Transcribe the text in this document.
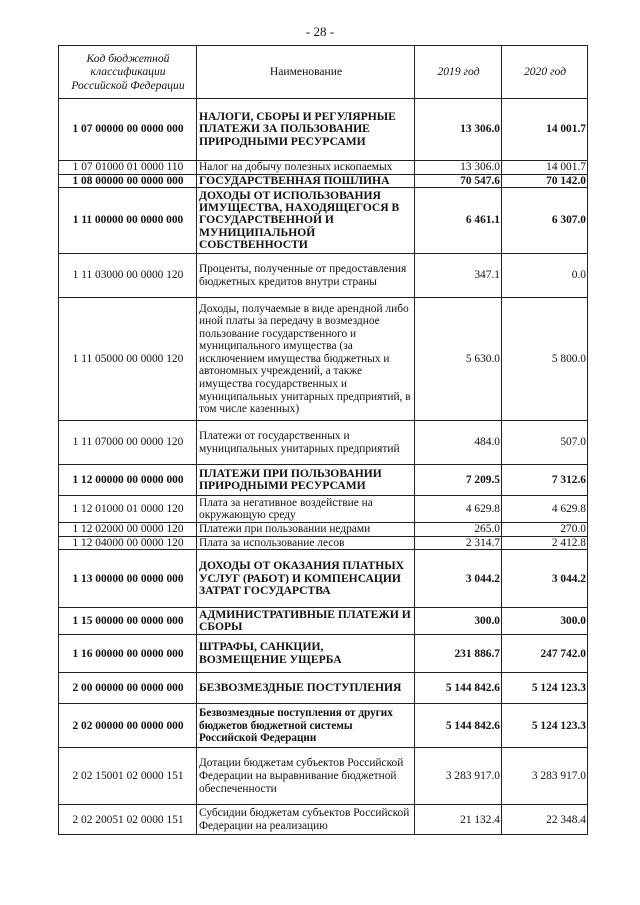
- 28 -
Код бюджетной классификации Российской Федерации	Наименование	2019 год	2020 год
1 07 00000 00 0000 000	НАЛОГИ, СБОРЫ И РЕГУЛЯРНЫЕ ПЛАТЕЖИ ЗА ПОЛЬЗОВАНИЕ ПРИРОДНЫМИ РЕСУРСАМИ	13 306.0	14 001.7
1 07 01000 01 0000 110	Налог на добычу полезных ископаемых	13 306.0	14 001.7
1 08 00000 00 0000 000	ГОСУДАРСТВЕННАЯ ПОШЛИНА	70 547.6	70 142.0
1 11 00000 00 0000 000	ДОХОДЫ ОТ ИСПОЛЬЗОВАНИЯ ИМУЩЕСТВА, НАХОДЯЩЕГОСЯ В ГОСУДАРСТВЕННОЙ И МУНИЦИПАЛЬНОЙ СОБСТВЕННОСТИ	6 461.1	6 307.0
1 11 03000 00 0000 120	Проценты, полученные от предоставления бюджетных кредитов внутри страны	347.1	0.0
1 11 05000 00 0000 120	Доходы, получаемые в виде арендной либо иной платы за передачу в возмездное пользование государственного и муниципального имущества (за исключением имущества бюджетных и автономных учреждений, а также имущества государственных и муниципальных унитарных предприятий, в том числе казенных)	5 630.0	5 800.0
1 11 07000 00 0000 120	Платежи от государственных и муниципальных унитарных предприятий	484.0	507.0
1 12 00000 00 0000 000	ПЛАТЕЖИ ПРИ ПОЛЬЗОВАНИИ ПРИРОДНЫМИ РЕСУРСАМИ	7 209.5	7 312.6
1 12 01000 01 0000 120	Плата за негативное воздействие на окружающую среду	4 629.8	4 629.8
1 12 02000 00 0000 120	Платежи при пользовании недрами	265.0	270.0
1 12 04000 00 0000 120	Плата за использование лесов	2 314.7	2 412.8
1 13 00000 00 0000 000	ДОХОДЫ ОТ ОКАЗАНИЯ ПЛАТНЫХ УСЛУГ (РАБОТ) И КОМПЕНСАЦИИ ЗАТРАТ ГОСУДАРСТВА	3 044.2	3 044.2
1 15 00000 00 0000 000	АДМИНИСТРАТИВНЫЕ ПЛАТЕЖИ И СБОРЫ	300.0	300.0
1 16 00000 00 0000 000	ШТРАФЫ, САНКЦИИ, ВОЗМЕЩЕНИЕ УЩЕРБА	231 886.7	247 742.0
2 00 00000 00 0000 000	БЕЗВОЗМЕЗДНЫЕ ПОСТУПЛЕНИЯ	5 144 842.6	5 124 123.3
2 02 00000 00 0000 000	Безвозмездные поступления от других бюджетов бюджетной системы Российской Федерации	5 144 842.6	5 124 123.3
2 02 15001 02 0000 151	Дотации бюджетам субъектов Российской Федерации на выравнивание бюджетной обеспеченности	3 283 917.0	3 283 917.0
2 02 20051 02 0000 151	Субсидии бюджетам субъектов Российской Федерации на реализацию	21 132.4	22 348.4
